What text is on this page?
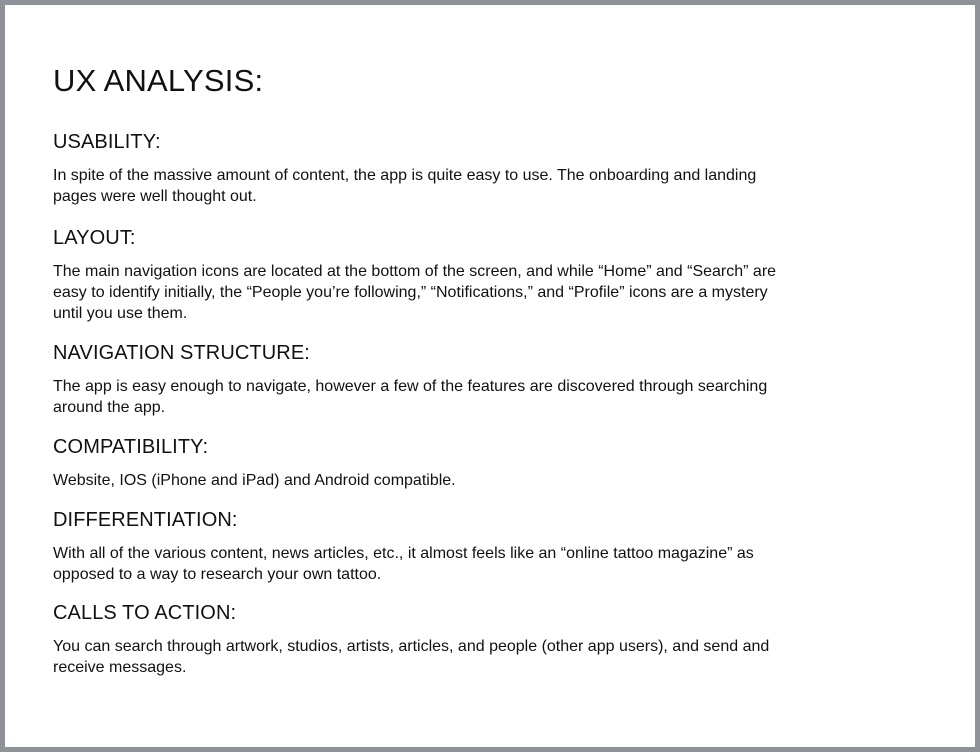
UX ANALYSIS:
USABILITY:

In spite of the massive amount of content, the app is quite easy to use. The onboarding and landing
pages were well thought out.

LAYOUT:

The main navigation icons are located at the bottom of the screen, and while “Home” and “Search” are
easy to identify initially, the “People you’re following,” “Notifications,” and “Profile” icons are a mystery
until you use them.

NAVIGATION STRUCTURE:

The app is easy enough to navigate, however a few of the features are discovered through searching
around the app.

COMPATIBILITY:

Website, IOS (iPhone and iPad) and Android compatible.

DIFFERENTIATION:

With all of the various content, news articles, etc., it almost feels like an “online tattoo magazine” as
opposed to a way to research your own tattoo.

CALLS TO ACTION:

You can search through artwork, studios, artists, articles, and people (other app users), and send and
receive messages.
